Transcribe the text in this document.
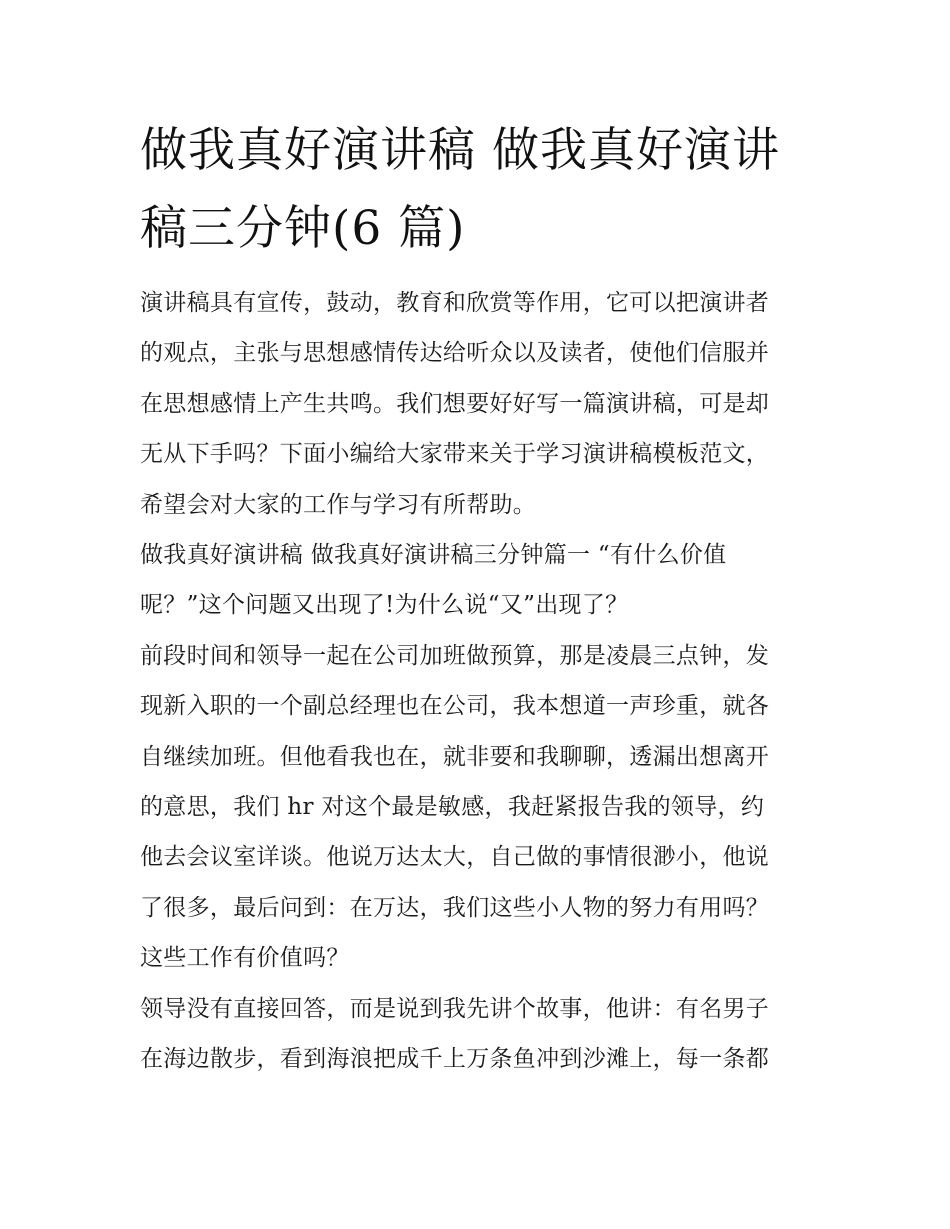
做我真好演讲稿 做我真好演讲
稿三分钟(6 篇)

演讲稿具有宣传，鼓动，教育和欣赏等作用，它可以把演讲者
的观点，主张与思想感情传达给听众以及读者，使他们信服并
在思想感情上产生共鸣。我们想要好好写一篇演讲稿，可是却
无从下手吗？下面小编给大家带来关于学习演讲稿模板范文，
希望会对大家的工作与学习有所帮助。

做我真好演讲稿 做我真好演讲稿三分钟篇一 “有什么价值
呢？”这个问题又出现了!为什么说“又”出现了？

前段时间和领导一起在公司加班做预算，那是凌晨三点钟，发
现新入职的一个副总经理也在公司，我本想道一声珍重，就各
自继续加班。但他看我也在，就非要和我聊聊，透漏出想离开
的意思，我们 hr 对这个最是敏感，我赶紧报告我的领导，约
他去会议室详谈。他说万达太大，自己做的事情很渺小，他说
了很多，最后问到：在万达，我们这些小人物的努力有用吗？
这些工作有价值吗？

领导没有直接回答，而是说到我先讲个故事，他讲：有名男子
在海边散步，看到海浪把成千上万条鱼冲到沙滩上，每一条都
